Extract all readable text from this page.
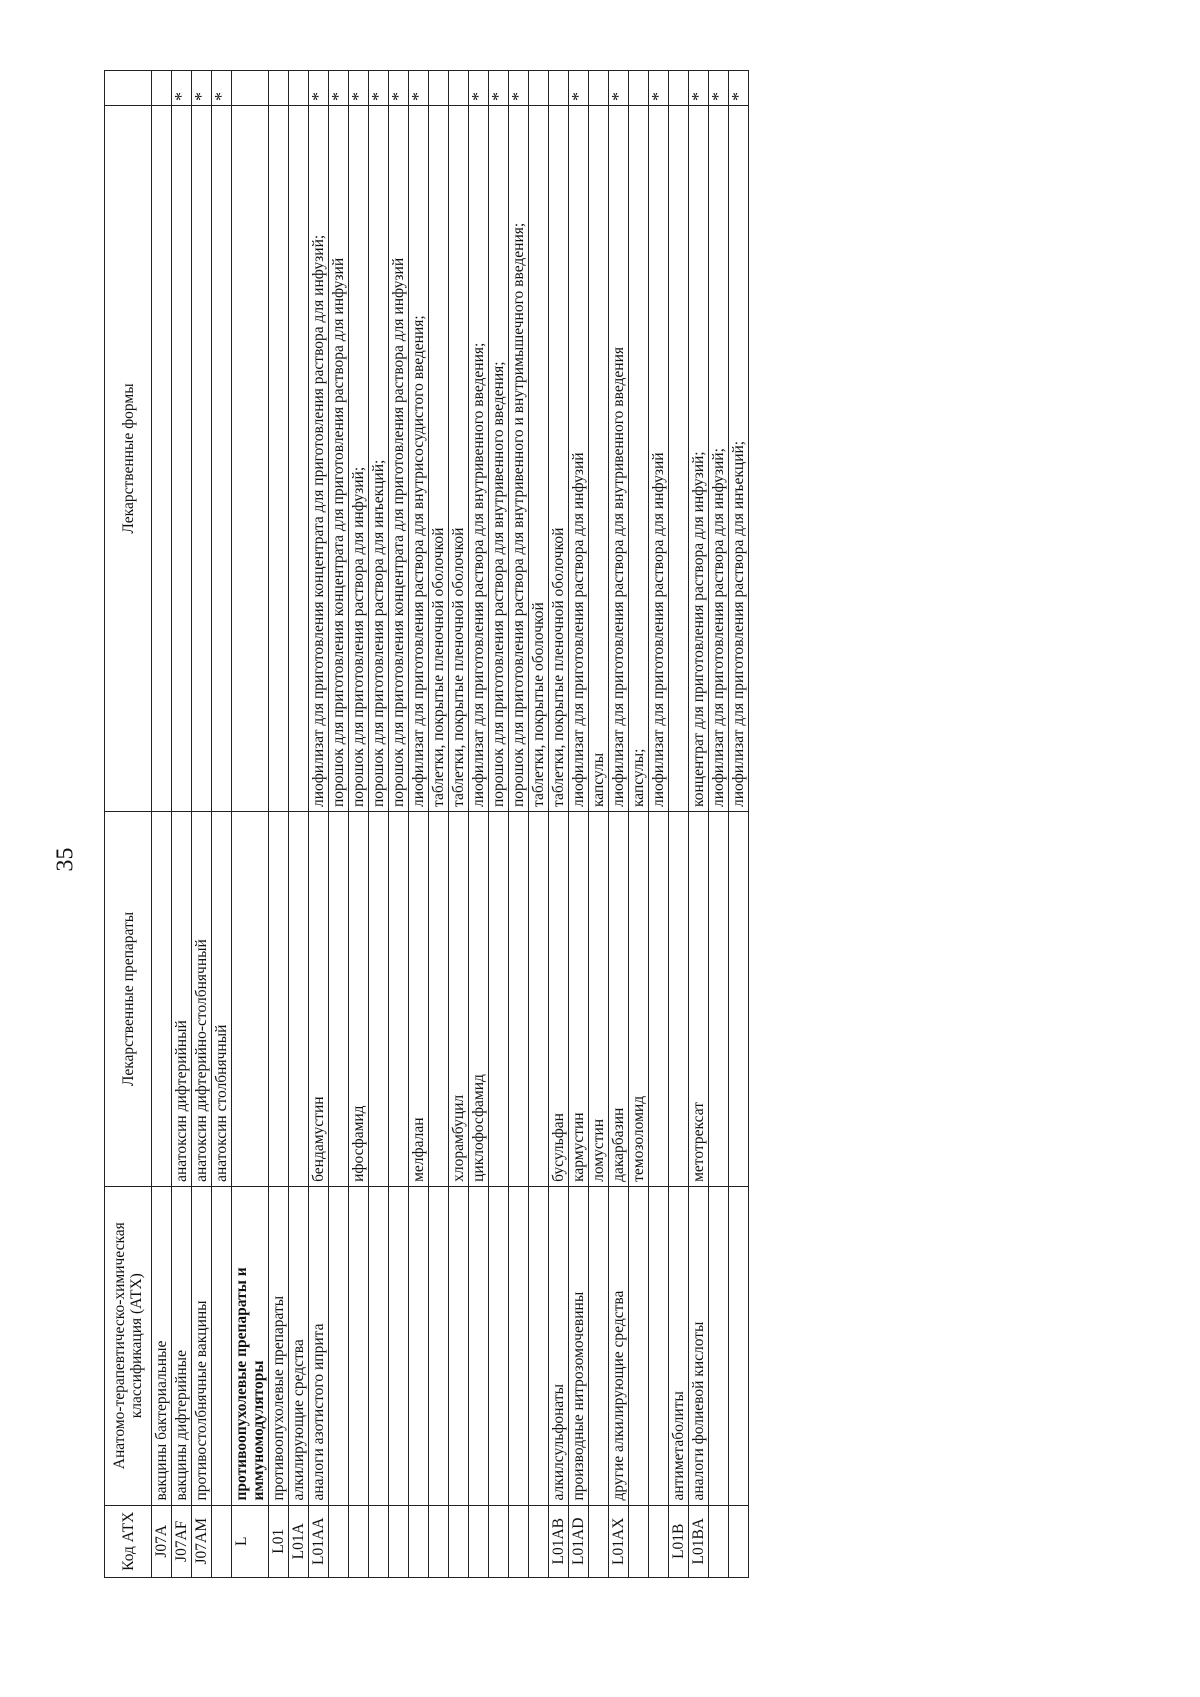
35
Код АТХ	Анатомо-терапевтическо-химическая классификация (АТХ)	Лекарственные препараты	Лекарственные формы	
J07A	вакцины бактериальные			
J07AF	вакцины дифтерийные	анатоксин дифтерийный		*
J07AM	противостолбнячные вакцины	анатоксин дифтерийно-столбнячный		*
		анатоксин столбнячный		*
L	противоопухолевые препараты и иммуномодуляторы			
L01	противоопухолевые препараты			
L01A	алкилирующие средства			
L01AA	аналоги азотистого иприта	бендамустин	лиофилизат для приготовления концентрата для приготовления раствора для инфузий;	*
			порошок для приготовления концентрата для приготовления раствора для инфузий	*
		ифосфамид	порошок для приготовления раствора для инфузий;	*
			порошок для приготовления раствора для инъекций;	*
			порошок для приготовления концентрата для приготовления раствора для инфузий	*
		мелфалан	лиофилизат для приготовления раствора для внутрисосудистого введения;	*
			таблетки, покрытые пленочной оболочкой	
		хлорамбуцил	таблетки, покрытые пленочной оболочкой	
		циклофосфамид	лиофилизат для приготовления раствора для внутривенного введения;	*
			порошок для приготовления раствора для внутривенного введения;	*
			порошок для приготовления раствора для внутривенного и внутримышечного введения;	*
			таблетки, покрытые оболочкой	
L01AB	алкилсульфонаты	бусульфан	таблетки, покрытые пленочной оболочкой	
L01AD	производные нитрозомочевины	кармустин	лиофилизат для приготовления раствора для инфузий	*
		ломустин	капсулы	
L01AX	другие алкилирующие средства	дакарбазин	лиофилизат для приготовления раствора для внутривенного введения	*
		темозоломид	капсулы;	
			лиофилизат для приготовления раствора для инфузий	*
L01B	антиметаболиты			
L01BA	аналоги фолиевой кислоты	метотрексат	концентрат для приготовления раствора для инфузий;	*
			лиофилизат для приготовления раствора для инфузий;	*
			лиофилизат для приготовления раствора для инъекций;	*
